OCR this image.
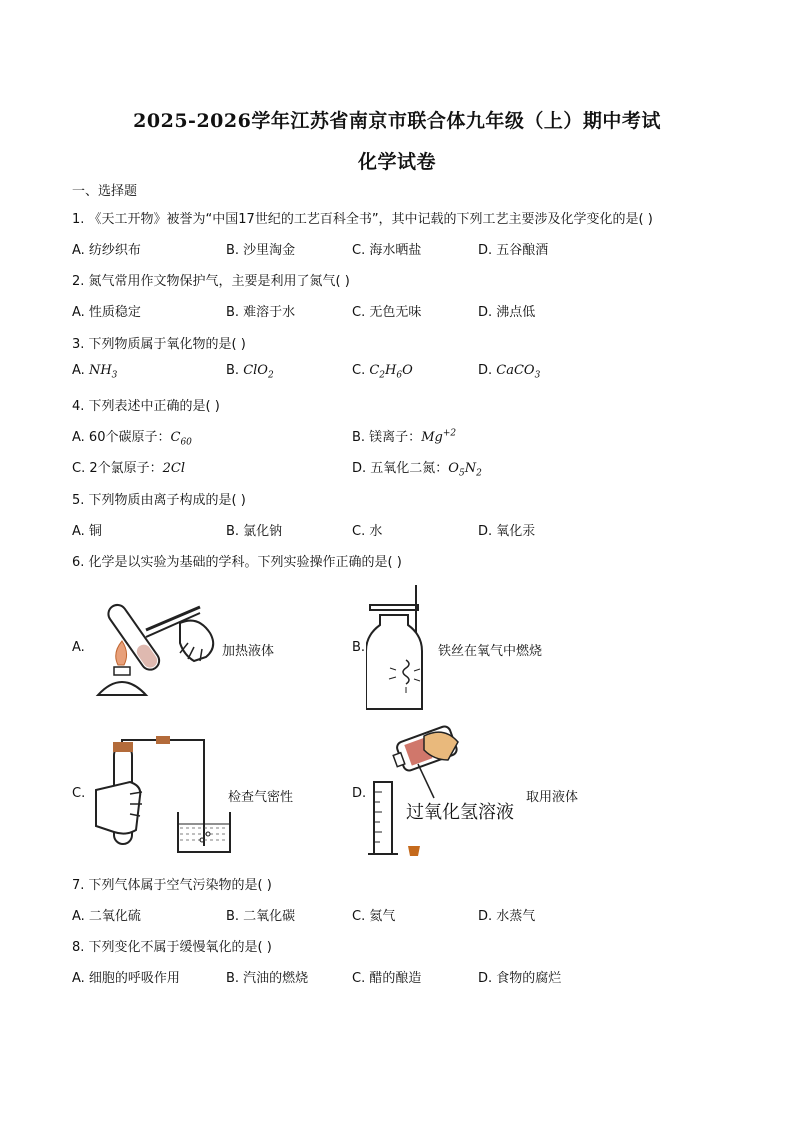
2025-2026学年江苏省南京市联合体九年级（上）期中考试
化学试卷
一、选择题
1. 《天工开物》被誉为“中国17世纪的工艺百科全书”，其中记载的下列工艺主要涉及化学变化的是( )
A. 纺纱织布	B. 沙里淘金	C. 海水晒盐	D. 五谷酿酒
2. 氮气常用作文物保护气，主要是利用了氮气( )
A. 性质稳定	B. 难溶于水	C. 无色无味	D. 沸点低
3. 下列物质属于氧化物的是( )
A. $NH_3$	B. ClO$_2$	C. $C_2H_6O$	D. CaCO$_3$
4. 下列表述中正确的是( )
A. 60个碳原子：$C_{60}$	B. 镁离子：$Mg^{+2}$
C. 2个氯原子：2Cl	D. 五氧化二氮：$O_5N_2$
5. 下列物质由离子构成的是( )
A. 铜	B. 氯化钠	C. 水	D. 氧化汞
6. 化学是以实验为基础的学科。下列实验操作正确的是( )
A.	加热液体	B.	铁丝在氧气中燃烧
C.	检查气密性	D.
过氧化氢溶液
取用液体
7. 下列气体属于空气污染物的是( )
A. 二氧化硫	B. 二氧化碳	C. 氦气	D. 水蒸气
8. 下列变化不属于缓慢氧化的是( )
A. 细胞的呼吸作用	B. 汽油的燃烧	C. 醋的酿造	D. 食物的腐烂
